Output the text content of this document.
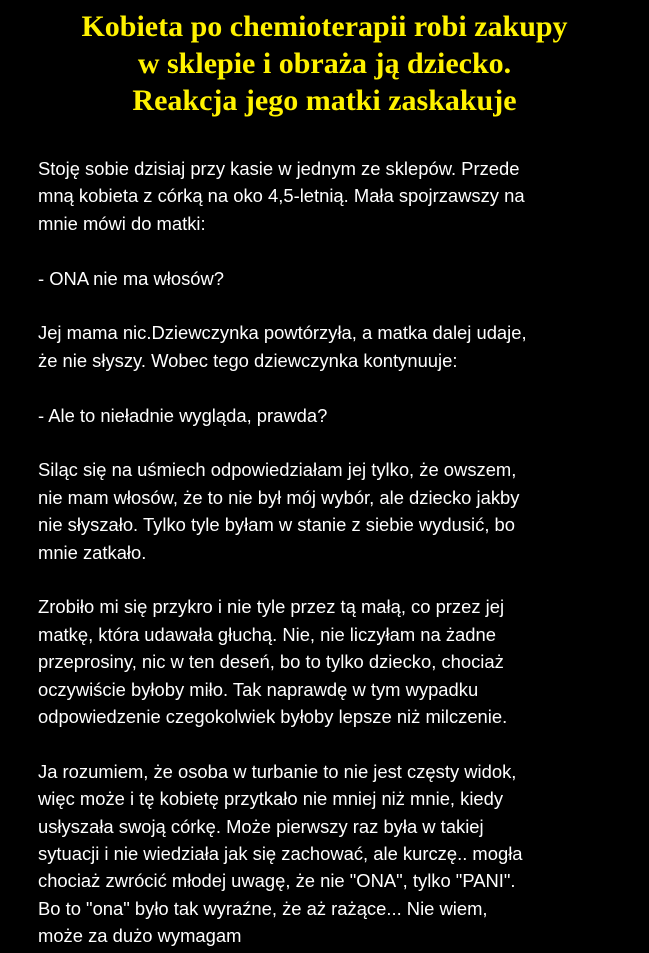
Kobieta po chemioterapii robi zakupy
w sklepie i obraża ją dziecko.
Reakcja jego matki zaskakuje

Stoję sobie dzisiaj przy kasie w jednym ze sklepów. Przede
mną kobieta z córką na oko 4,5-letnią. Mała spojrzawszy na
mnie mówi do matki:

- ONA nie ma włosów?

Jej mama nic.Dziewczynka powtórzyła, a matka dalej udaje,
że nie słyszy. Wobec tego dziewczynka kontynuuje:

- Ale to nieładnie wygląda, prawda?

Siląc się na uśmiech odpowiedziałam jej tylko, że owszem,
nie mam włosów, że to nie był mój wybór, ale dziecko jakby
nie słyszało. Tylko tyle byłam w stanie z siebie wydusić, bo
mnie zatkało.

Zrobiło mi się przykro i nie tyle przez tą małą, co przez jej
matkę, która udawała głuchą. Nie, nie liczyłam na żadne
przeprosiny, nic w ten deseń, bo to tylko dziecko, chociaż
oczywiście byłoby miło. Tak naprawdę w tym wypadku
odpowiedzenie czegokolwiek byłoby lepsze niż milczenie.

Ja rozumiem, że osoba w turbanie to nie jest częsty widok,
więc może i tę kobietę przytkało nie mniej niż mnie, kiedy
usłyszała swoją córkę. Może pierwszy raz była w takiej
sytuacji i nie wiedziała jak się zachować, ale kurczę.. mogła
chociaż zwrócić młodej uwagę, że nie "ONA", tylko "PANI".
Bo to "ona" było tak wyraźne, że aż rażące... Nie wiem,
może za dużo wymagam
